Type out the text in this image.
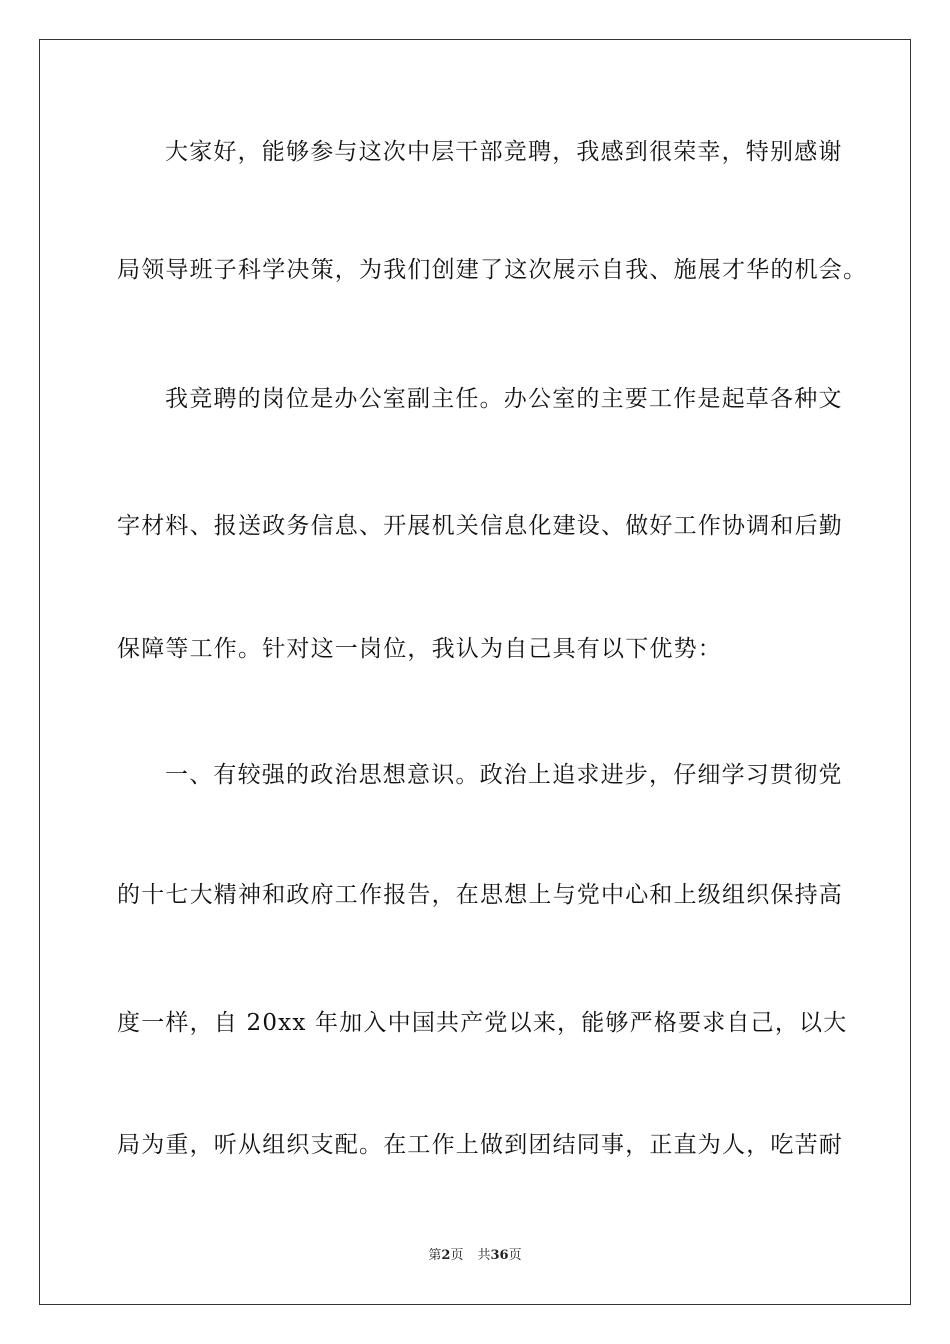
大家好，能够参与这次中层干部竞聘，我感到很荣幸，特别感谢
局领导班子科学决策，为我们创建了这次展示自我、施展才华的机会。
我竞聘的岗位是办公室副主任。办公室的主要工作是起草各种文
字材料、报送政务信息、开展机关信息化建设、做好工作协调和后勤
保障等工作。针对这一岗位，我认为自己具有以下优势：
一、有较强的政治思想意识。政治上追求进步，仔细学习贯彻党
的十七大精神和政府工作报告，在思想上与党中心和上级组织保持高
度一样，自 20xx 年加入中国共产党以来，能够严格要求自己，以大
局为重，听从组织支配。在工作上做到团结同事，正直为人，吃苦耐
第2页 共36页
